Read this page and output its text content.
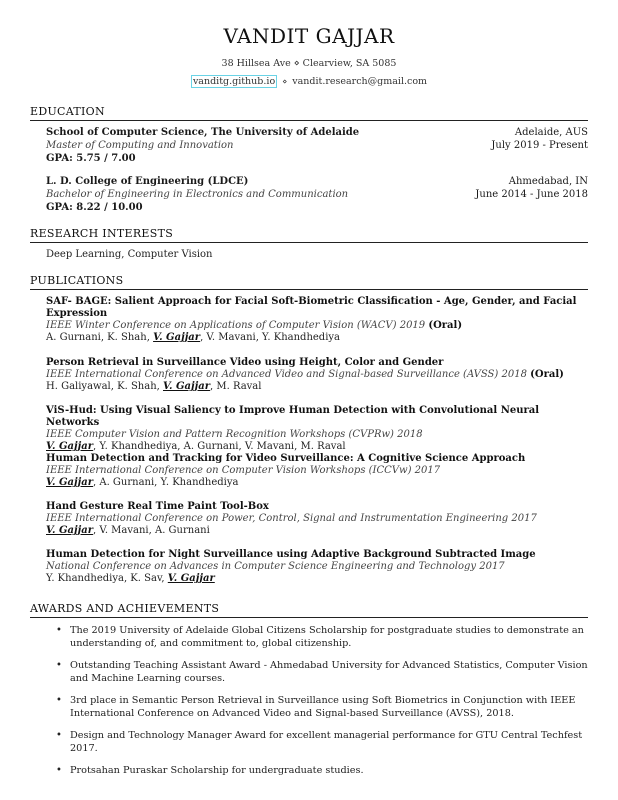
VANDIT GAJJAR
38 Hillsea Ave ⋄ Clearview, SA 5085
vanditg.github.io ⋄ vandit.research@gmail.com
EDUCATION
School of Computer Science, The University of Adelaide
Master of Computing and Innovation
GPA: 5.75 / 7.00
Adelaide, AUS
July 2019 - Present
L. D. College of Engineering (LDCE)
Bachelor of Engineering in Electronics and Communication
GPA: 8.22 / 10.00
Ahmedabad, IN
June 2014 - June 2018
RESEARCH INTERESTS
Deep Learning, Computer Vision
PUBLICATIONS
SAF- BAGE: Salient Approach for Facial Soft-Biometric Classification - Age, Gender, and Facial
Expression
IEEE Winter Conference on Applications of Computer Vision (WACV) 2019 (Oral)
A. Gurnani, K. Shah, V. Gajjar, V. Mavani, Y. Khandhediya
Person Retrieval in Surveillance Video using Height, Color and Gender
IEEE International Conference on Advanced Video and Signal-based Surveillance (AVSS) 2018 (Oral)
H. Galiyawal, K. Shah, V. Gajjar, M. Raval
ViS-Hud: Using Visual Saliency to Improve Human Detection with Convolutional Neural Networks
IEEE Computer Vision and Pattern Recognition Workshops (CVPRw) 2018
V. Gajjar, Y. Khandhediya, A. Gurnani, V. Mavani, M. Raval
Human Detection and Tracking for Video Surveillance: A Cognitive Science Approach
IEEE International Conference on Computer Vision Workshops (ICCVw) 2017
V. Gajjar, A. Gurnani, Y. Khandhediya
Hand Gesture Real Time Paint Tool-Box
IEEE International Conference on Power, Control, Signal and Instrumentation Engineering 2017
V. Gajjar, V. Mavani, A. Gurnani
Human Detection for Night Surveillance using Adaptive Background Subtracted Image
National Conference on Advances in Computer Science Engineering and Technology 2017
Y. Khandhediya, K. Sav, V. Gajjar
AWARDS AND ACHIEVEMENTS
• The 2019 University of Adelaide Global Citizens Scholarship for postgraduate studies to demonstrate an understanding of, and commitment to, global citizenship.
• Outstanding Teaching Assistant Award - Ahmedabad University for Advanced Statistics, Computer Vision and Machine Learning courses.
• 3rd place in Semantic Person Retrieval in Surveillance using Soft Biometrics in Conjunction with IEEE International Conference on Advanced Video and Signal-based Surveillance (AVSS), 2018.
• Design and Technology Manager Award for excellent managerial performance for GTU Central Techfest 2017.
• Protsahan Puraskar Scholarship for undergraduate studies.
